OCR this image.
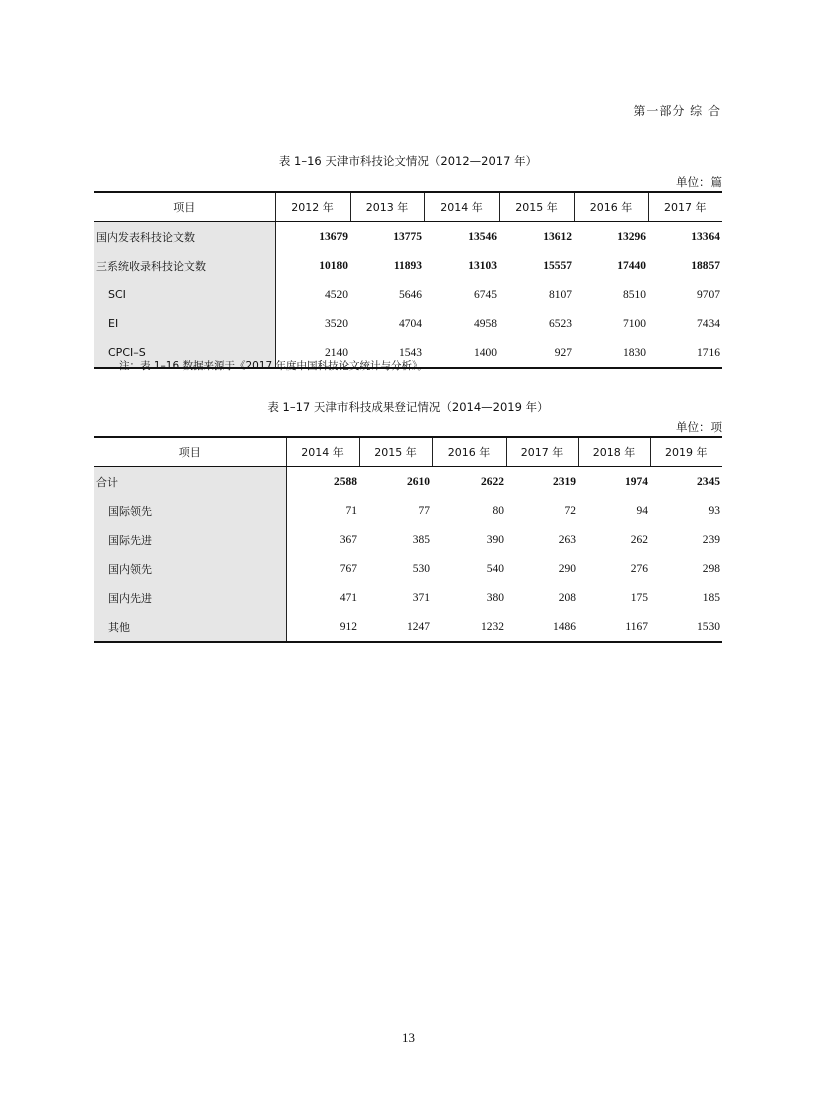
第一部分 综 合
表 1–16 天津市科技论文情况（2012—2017 年）
单位：篇
项目	2012 年	2013 年	2014 年	2015 年	2016 年	2017 年
国内发表科技论文数	13679	13775	13546	13612	13296	13364
三系统收录科技论文数	10180	11893	13103	15557	17440	18857
SCI	4520	5646	6745	8107	8510	9707
EI	3520	4704	4958	6523	7100	7434
CPCI–S	2140	1543	1400	927	1830	1716
注：表 1–16 数据来源于《2017 年度中国科技论文统计与分析》。
表 1–17 天津市科技成果登记情况（2014—2019 年）
单位：项
项目	2014 年	2015 年	2016 年	2017 年	2018 年	2019 年
合计	2588	2610	2622	2319	1974	2345
国际领先	71	77	80	72	94	93
国际先进	367	385	390	263	262	239
国内领先	767	530	540	290	276	298
国内先进	471	371	380	208	175	185
其他	912	1247	1232	1486	1167	1530
13
